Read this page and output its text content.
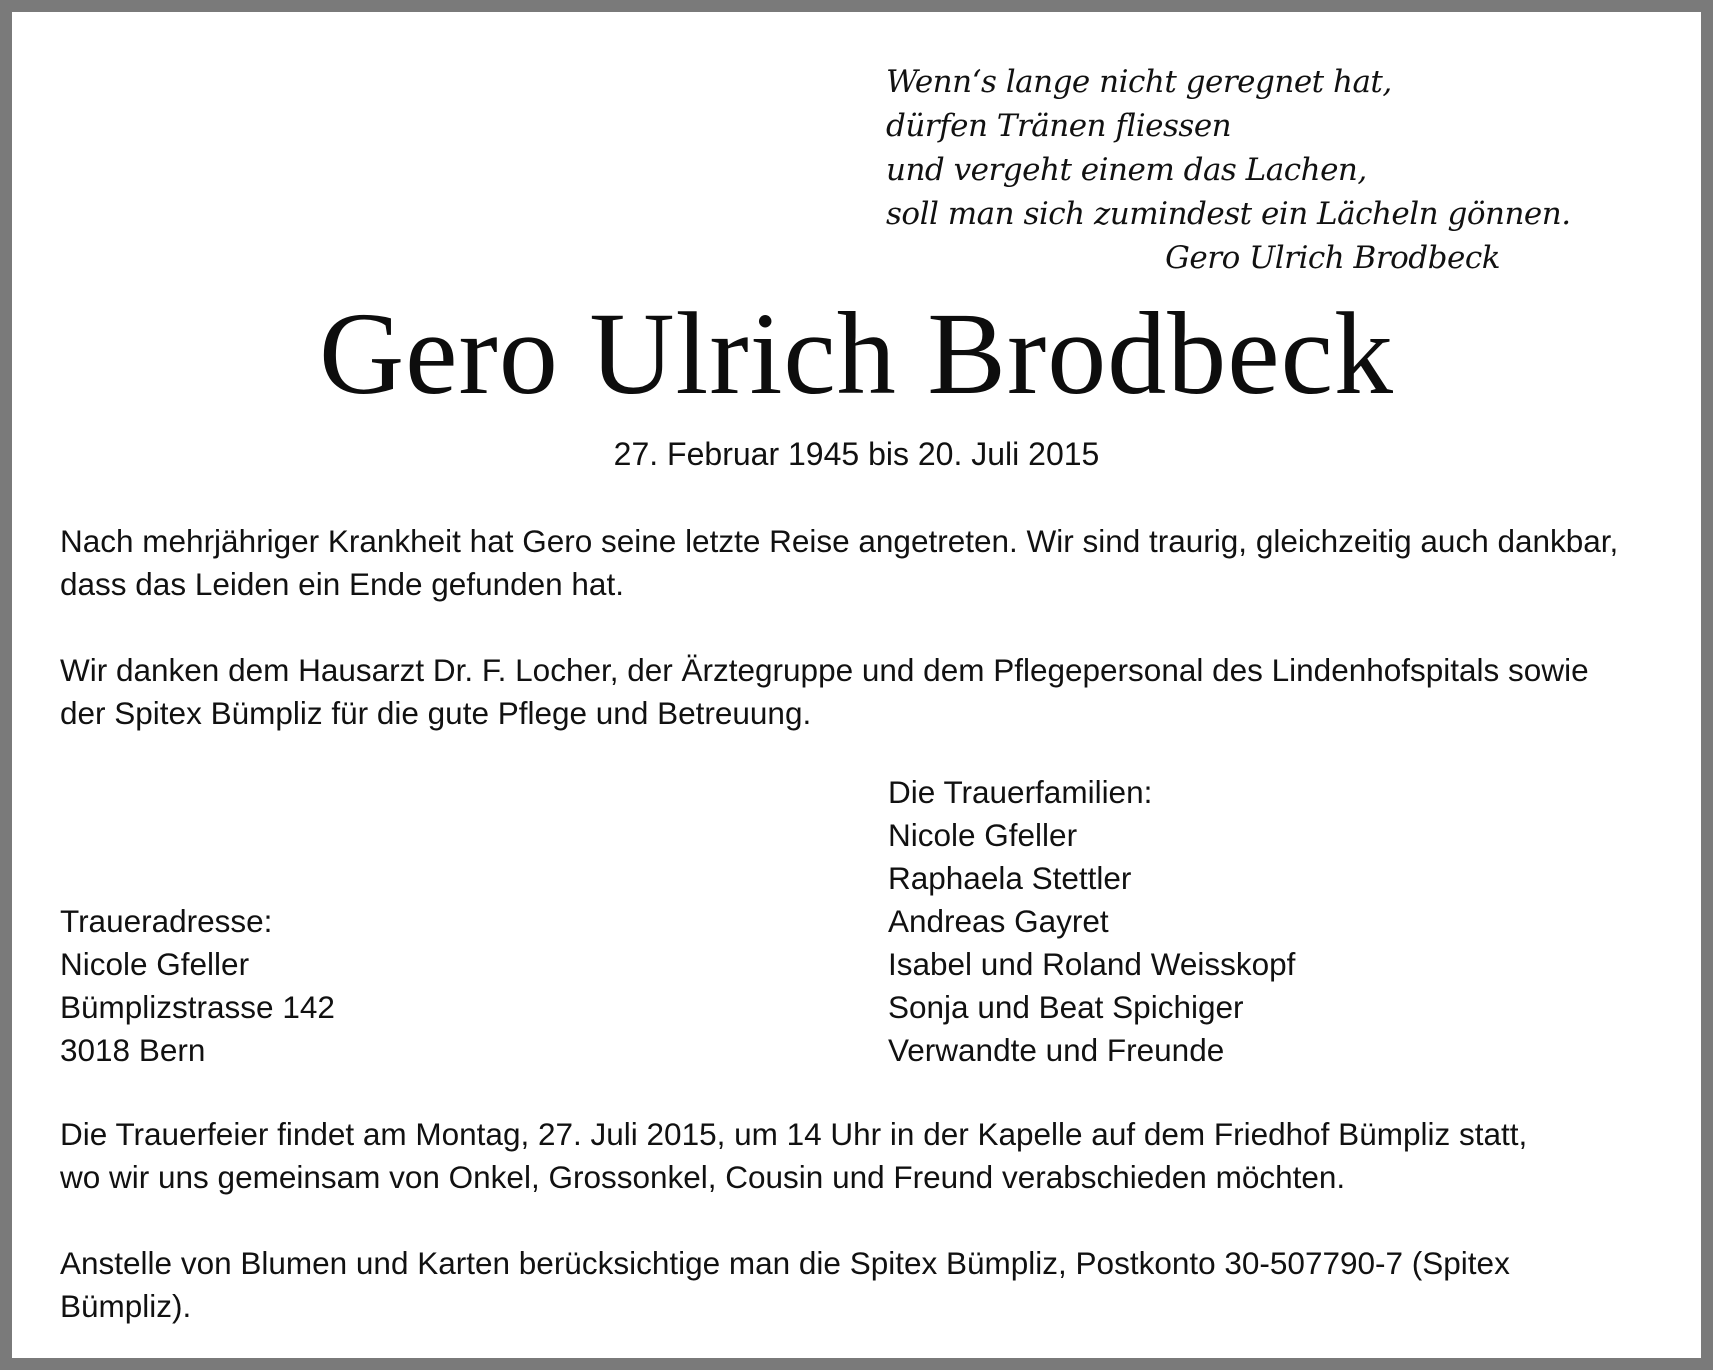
Wenn‘s lange nicht geregnet hat,
dürfen Tränen fliessen
und vergeht einem das Lachen,
soll man sich zumindest ein Lächeln gönnen.
Gero Ulrich Brodbeck
Gero Ulrich Brodbeck
27. Februar 1945 bis 20. Juli 2015
Nach mehrjähriger Krankheit hat Gero seine letzte Reise angetreten. Wir sind traurig, gleichzeitig auch dankbar,
dass das Leiden ein Ende gefunden hat.
Wir danken dem Hausarzt Dr. F. Locher, der Ärztegruppe und dem Pflegepersonal des Lindenhofspitals sowie
der Spitex Bümpliz für die gute Pflege und Betreuung.
Traueradresse:
Nicole Gfeller
Bümplizstrasse 142
3018 Bern
Die Trauerfamilien:
Nicole Gfeller
Raphaela Stettler
Andreas Gayret
Isabel und Roland Weisskopf
Sonja und Beat Spichiger
Verwandte und Freunde
Die Trauerfeier findet am Montag, 27. Juli 2015, um 14 Uhr in der Kapelle auf dem Friedhof Bümpliz statt,
wo wir uns gemeinsam von Onkel, Grossonkel, Cousin und Freund verabschieden möchten.
Anstelle von Blumen und Karten berücksichtige man die Spitex Bümpliz, Postkonto 30-507790-7 (Spitex
Bümpliz).
